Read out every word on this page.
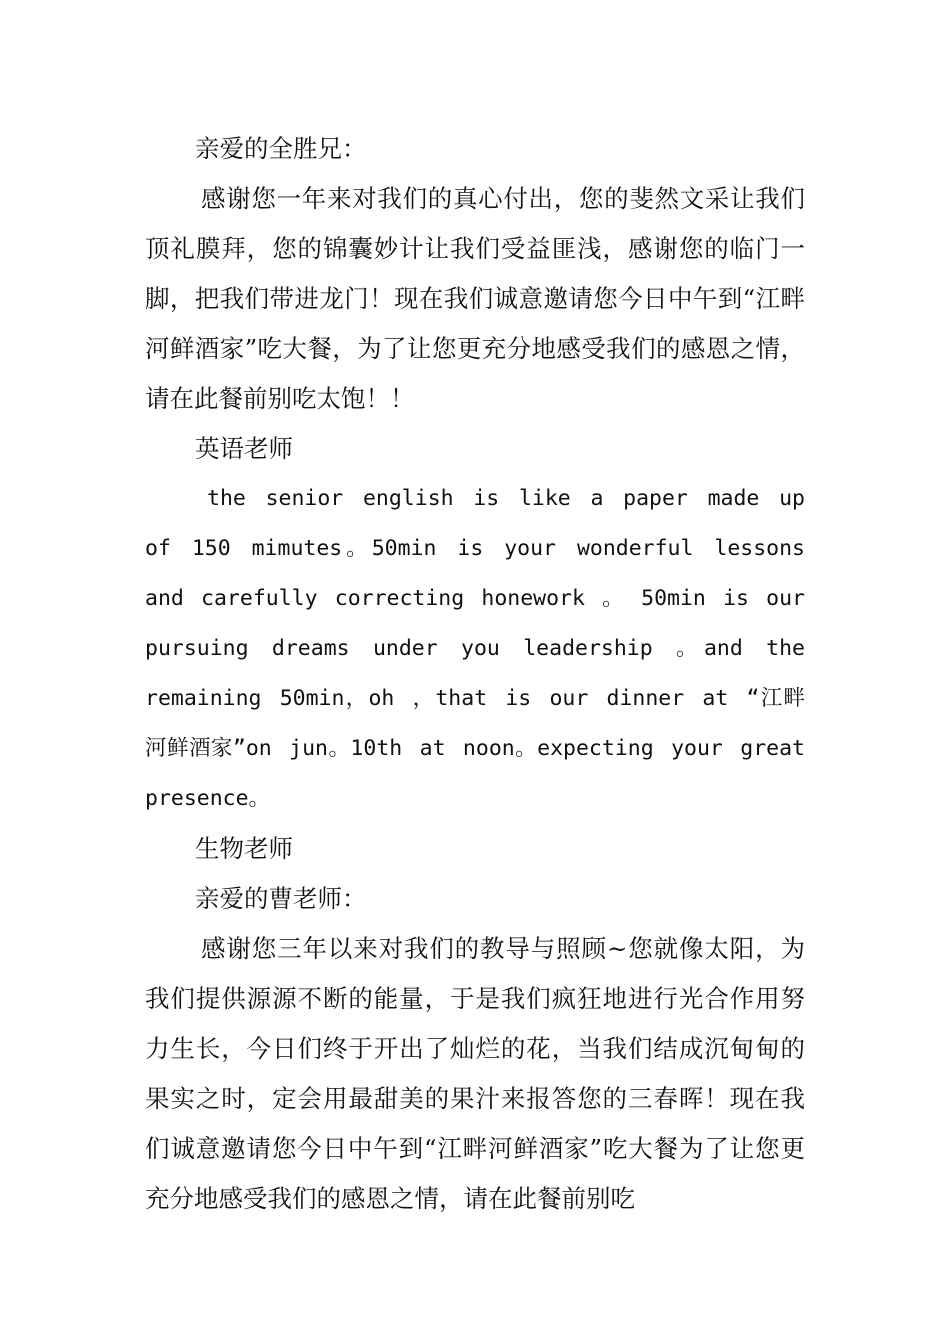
亲爱的全胜兄：

感谢您一年来对我们的真心付出，您的斐然文采让我们顶礼膜拜，您的锦囊妙计让我们受益匪浅，感谢您的临门一脚，把我们带进龙门！现在我们诚意邀请您今日中午到“江畔河鲜酒家”吃大餐，为了让您更充分地感受我们的感恩之情，请在此餐前别吃太饱！！

英语老师

the senior english is like a paper made up of 150 mimutes。50min is your wonderful lessons and carefully correcting honework 。 50min is our pursuing dreams under you leadership 。and the remaining 50min，oh ，that is our dinner at “江畔河鲜酒家”on jun。10th at noon。expecting your great presence。

生物老师

亲爱的曹老师：

感谢您三年以来对我们的教导与照顾~您就像太阳，为我们提供源源不断的能量，于是我们疯狂地进行光合作用努力生长，今日们终于开出了灿烂的花，当我们结成沉甸甸的果实之时，定会用最甜美的果汁来报答您的三春晖！现在我们诚意邀请您今日中午到“江畔河鲜酒家”吃大餐为了让您更充分地感受我们的感恩之情，请在此餐前别吃
